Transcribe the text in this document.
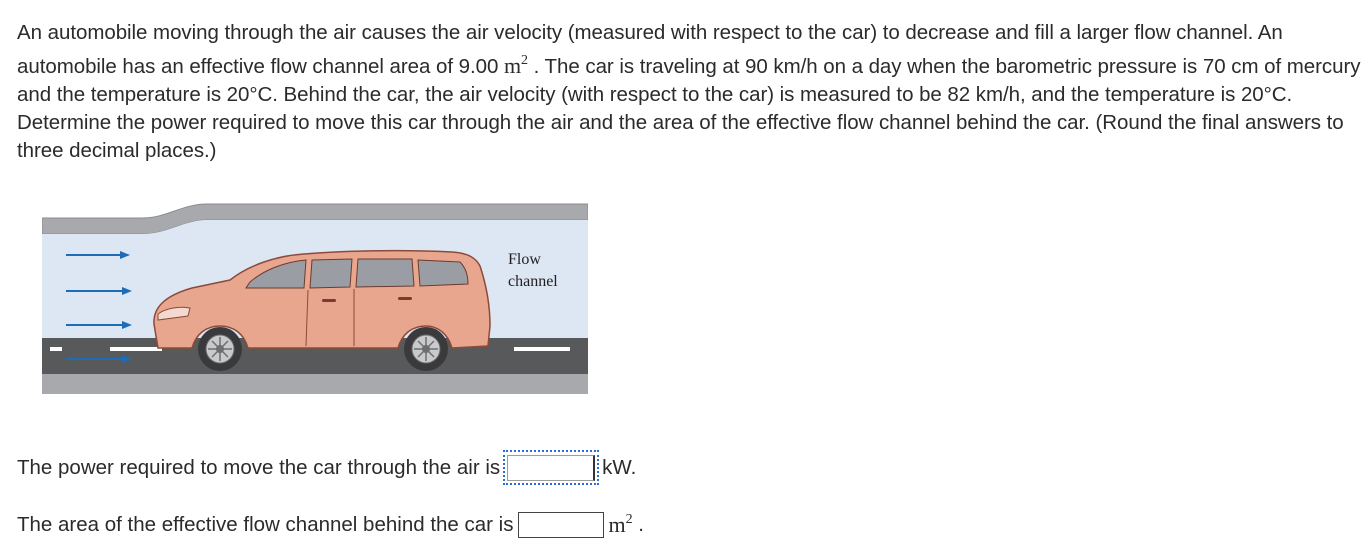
An automobile moving through the air causes the air velocity (measured with respect to the car) to decrease and fill a larger flow channel. An automobile has an effective flow channel area of 9.00 $m^2$ . The car is traveling at 90 km/h on a day when the barometric pressure is 70 cm of mercury and the temperature is 20°C. Behind the car, the air velocity (with respect to the car) is measured to be 82 km/h, and the temperature is 20°C. Determine the power required to move this car through the air and the area of the effective flow channel behind the car. (Round the final answers to three decimal places.)

Flow
channel

The power required to move the car through the air is	kW.

The area of the effective flow channel behind the car is	$m^2$ .
